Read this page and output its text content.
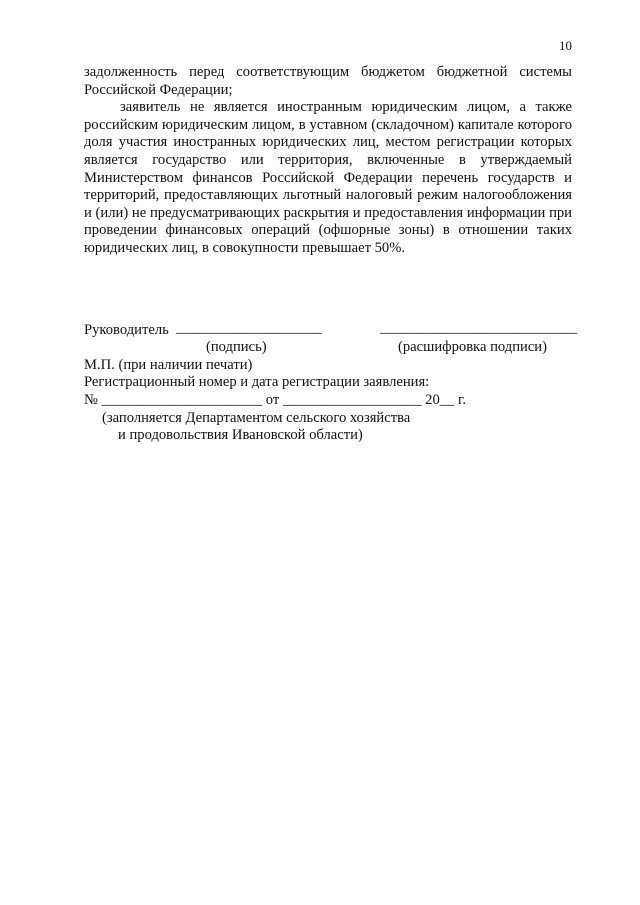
10

задолженность перед соответствующим бюджетом бюджетной системы Российской Федерации;

заявитель не является иностранным юридическим лицом, а также российским юридическим лицом, в уставном (складочном) капитале которого доля участия иностранных юридических лиц, местом регистрации которых является государство или территория, включенные в утверждаемый Министерством финансов Российской Федерации перечень государств и территорий, предоставляющих льготный налоговый режим налогообложения и (или) не предусматривающих раскрытия и предоставления информации при проведении финансовых операций (офшорные зоны) в отношении таких юридических лиц, в совокупности превышает 50%.

Руководитель ____________________	___________________________
(подпись)	(расшифровка подписи)
М.П. (при наличии печати)
Регистрационный номер и дата регистрации заявления:
№ ______________________ от ___________________ 20__ г.
(заполняется Департаментом сельского хозяйства
и продовольствия Ивановской области)
